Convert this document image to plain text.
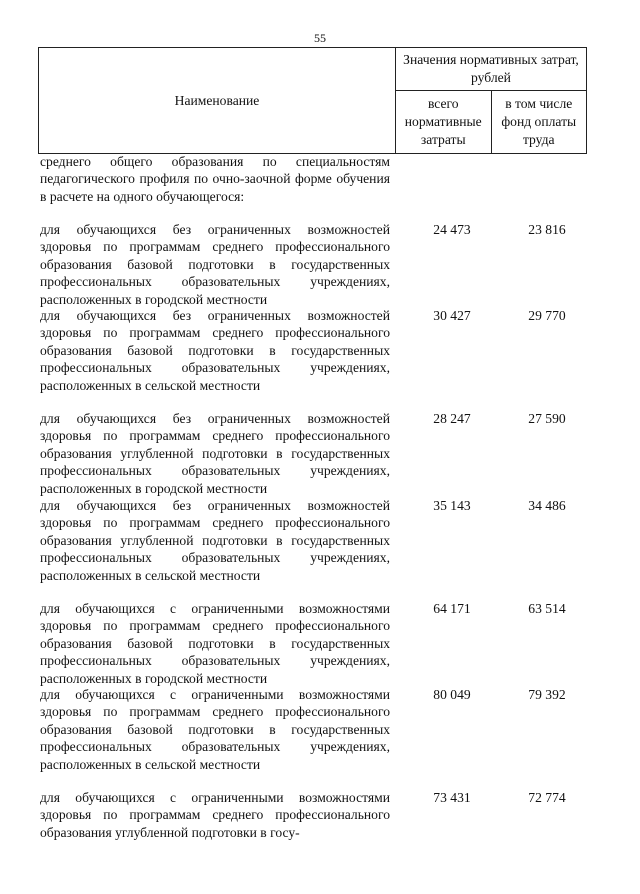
55
Наименование	Значения нормативных затрат, рублей	
	всего нормативные затраты	в том числе фонд оплаты труда
среднего общего образования по специальностям педагогического профиля по очно-заочной форме обучения в расчете на одного обучающегося:
для обучающихся без ограниченных возможностей здоровья по программам среднего профессионального образования базовой подготовки в государственных профессиональных образовательных учреждениях, расположенных в городской местности
24 473	23 816
для обучающихся без ограниченных возможностей здоровья по программам среднего профессионального образования базовой подготовки в государственных профессиональных образовательных учреждениях, расположенных в сельской местности
30 427	29 770
для обучающихся без ограниченных возможностей здоровья по программам среднего профессионального образования углубленной подготовки в государственных профессиональных образовательных учреждениях, расположенных в городской местности
28 247	27 590
для обучающихся без ограниченных возможностей здоровья по программам среднего профессионального образования углубленной подготовки в государственных профессиональных образовательных учреждениях, расположенных в сельской местности
35 143	34 486
для обучающихся с ограниченными возможностями здоровья по программам среднего профессионального образования базовой подготовки в государственных профессиональных образовательных учреждениях, расположенных в городской местности
64 171	63 514
для обучающихся с ограниченными возможностями здоровья по программам среднего профессионального образования базовой подготовки в государственных профессиональных образовательных учреждениях, расположенных в сельской местности
80 049	79 392
для обучающихся с ограниченными возможностями здоровья по программам среднего профессионального образования углубленной подготовки в госу-
73 431	72 774
